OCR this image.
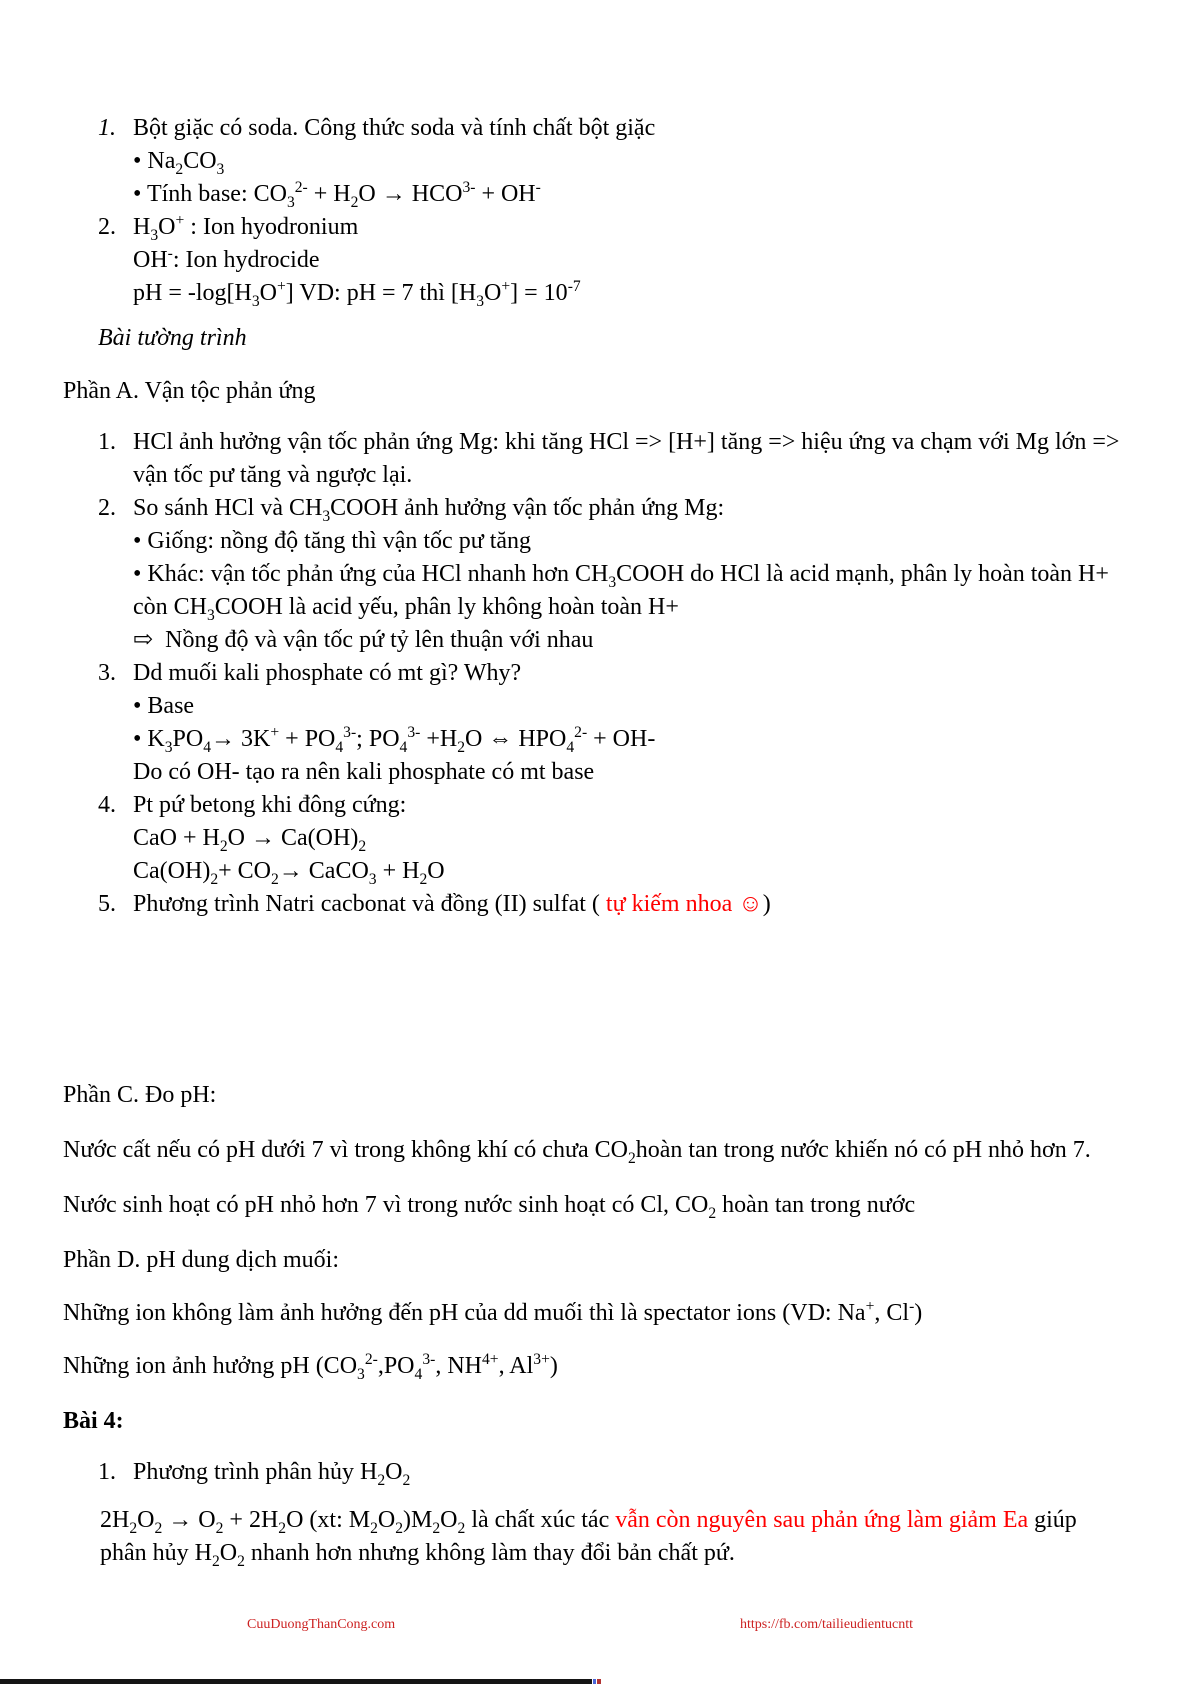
1. Bột giặc có soda. Công thức soda và tính chất bột giặc
• $Na_2CO_3$
• Tính base: $CO_3^{2-} + H_2O \to HCO^{3-} + OH^-$
2. $H_3O^+$ : Ion hyodronium
OH-: Ion hydrocide
pH = $-\log[H_3O^+]$ VD: pH = 7 thì $[H_3O^+] = 10^{-7}$
Bài tường trình
Phần A. Vận tộc phản ứng
1. HCl ảnh hưởng vận tốc phản ứng Mg: khi tăng HCl => [H+] tăng => hiệu ứng va chạm với Mg lớn => vận tốc pư tăng và ngược lại.
2. So sánh HCl và $CH_3COOH$ ảnh hưởng vận tốc phản ứng Mg:
• Giống: nồng độ tăng thì vận tốc pư tăng
• Khác: vận tốc phản ứng của HCl nhanh hơn $CH_3COOH$ do HCl là acid mạnh, phân ly hoàn toàn H+ còn $CH_3COOH$ là acid yếu, phân ly không hoàn toàn H+
⇨  Nồng độ và vận tốc pứ tỷ lên thuận với nhau
3. Dd muối kali phosphate có mt gì? Why?
• Base
• $K_3PO_4\to 3K^+ + PO_4^{3-}$; $PO_4^{3-} +H_2O$ ⇔ $HPO_4^{2-} + OH-$
Do có OH- tạo ra nên kali phosphate có mt base
4. Pt pứ betong khi đông cứng:
CaO + $H_2O \to Ca(OH)_2$
$Ca(OH)_2+ CO_2\to$ CaCO$_3$ + $H_2O$
5. Phương trình Natri cacbonat và đồng (II) sulfat ( tự kiếm nhoa ☺)
Phần C. Đo pH:
Nước cất nếu có pH dưới 7 vì trong không khí có chưa $CO_2hoàn$ tan trong nước khiến nó có pH nhỏ hơn 7.
Nước sinh hoạt có pH nhỏ hơn 7 vì trong nước sinh hoạt có Cl, $CO_2$ hoàn tan trong nước
Phần D. pH dung dịch muối:
Những ion không làm ảnh hưởng đến pH của dd muối thì là spectator ions (VD: Na+, Cl-)
Những ion ảnh hưởng pH ($CO_3^{2-},PO_4^{3-}$, $NH^{4+}$, $Al^{3+}$)
Bài 4:
1. Phương trình phân hủy $H_2O_2$
$2H_2O_2 \to O_2 + 2H_2O$ (xt: $M_2O_2)M_2O_2$ là chất xúc tác vẫn còn nguyên sau phản ứng làm giảm Ea giúp phân hủy $H_2O_2$ nhanh hơn nhưng không làm thay đổi bản chất pứ.
CuuDuongThanCong.com	https://fb.com/tailieudientucntt
